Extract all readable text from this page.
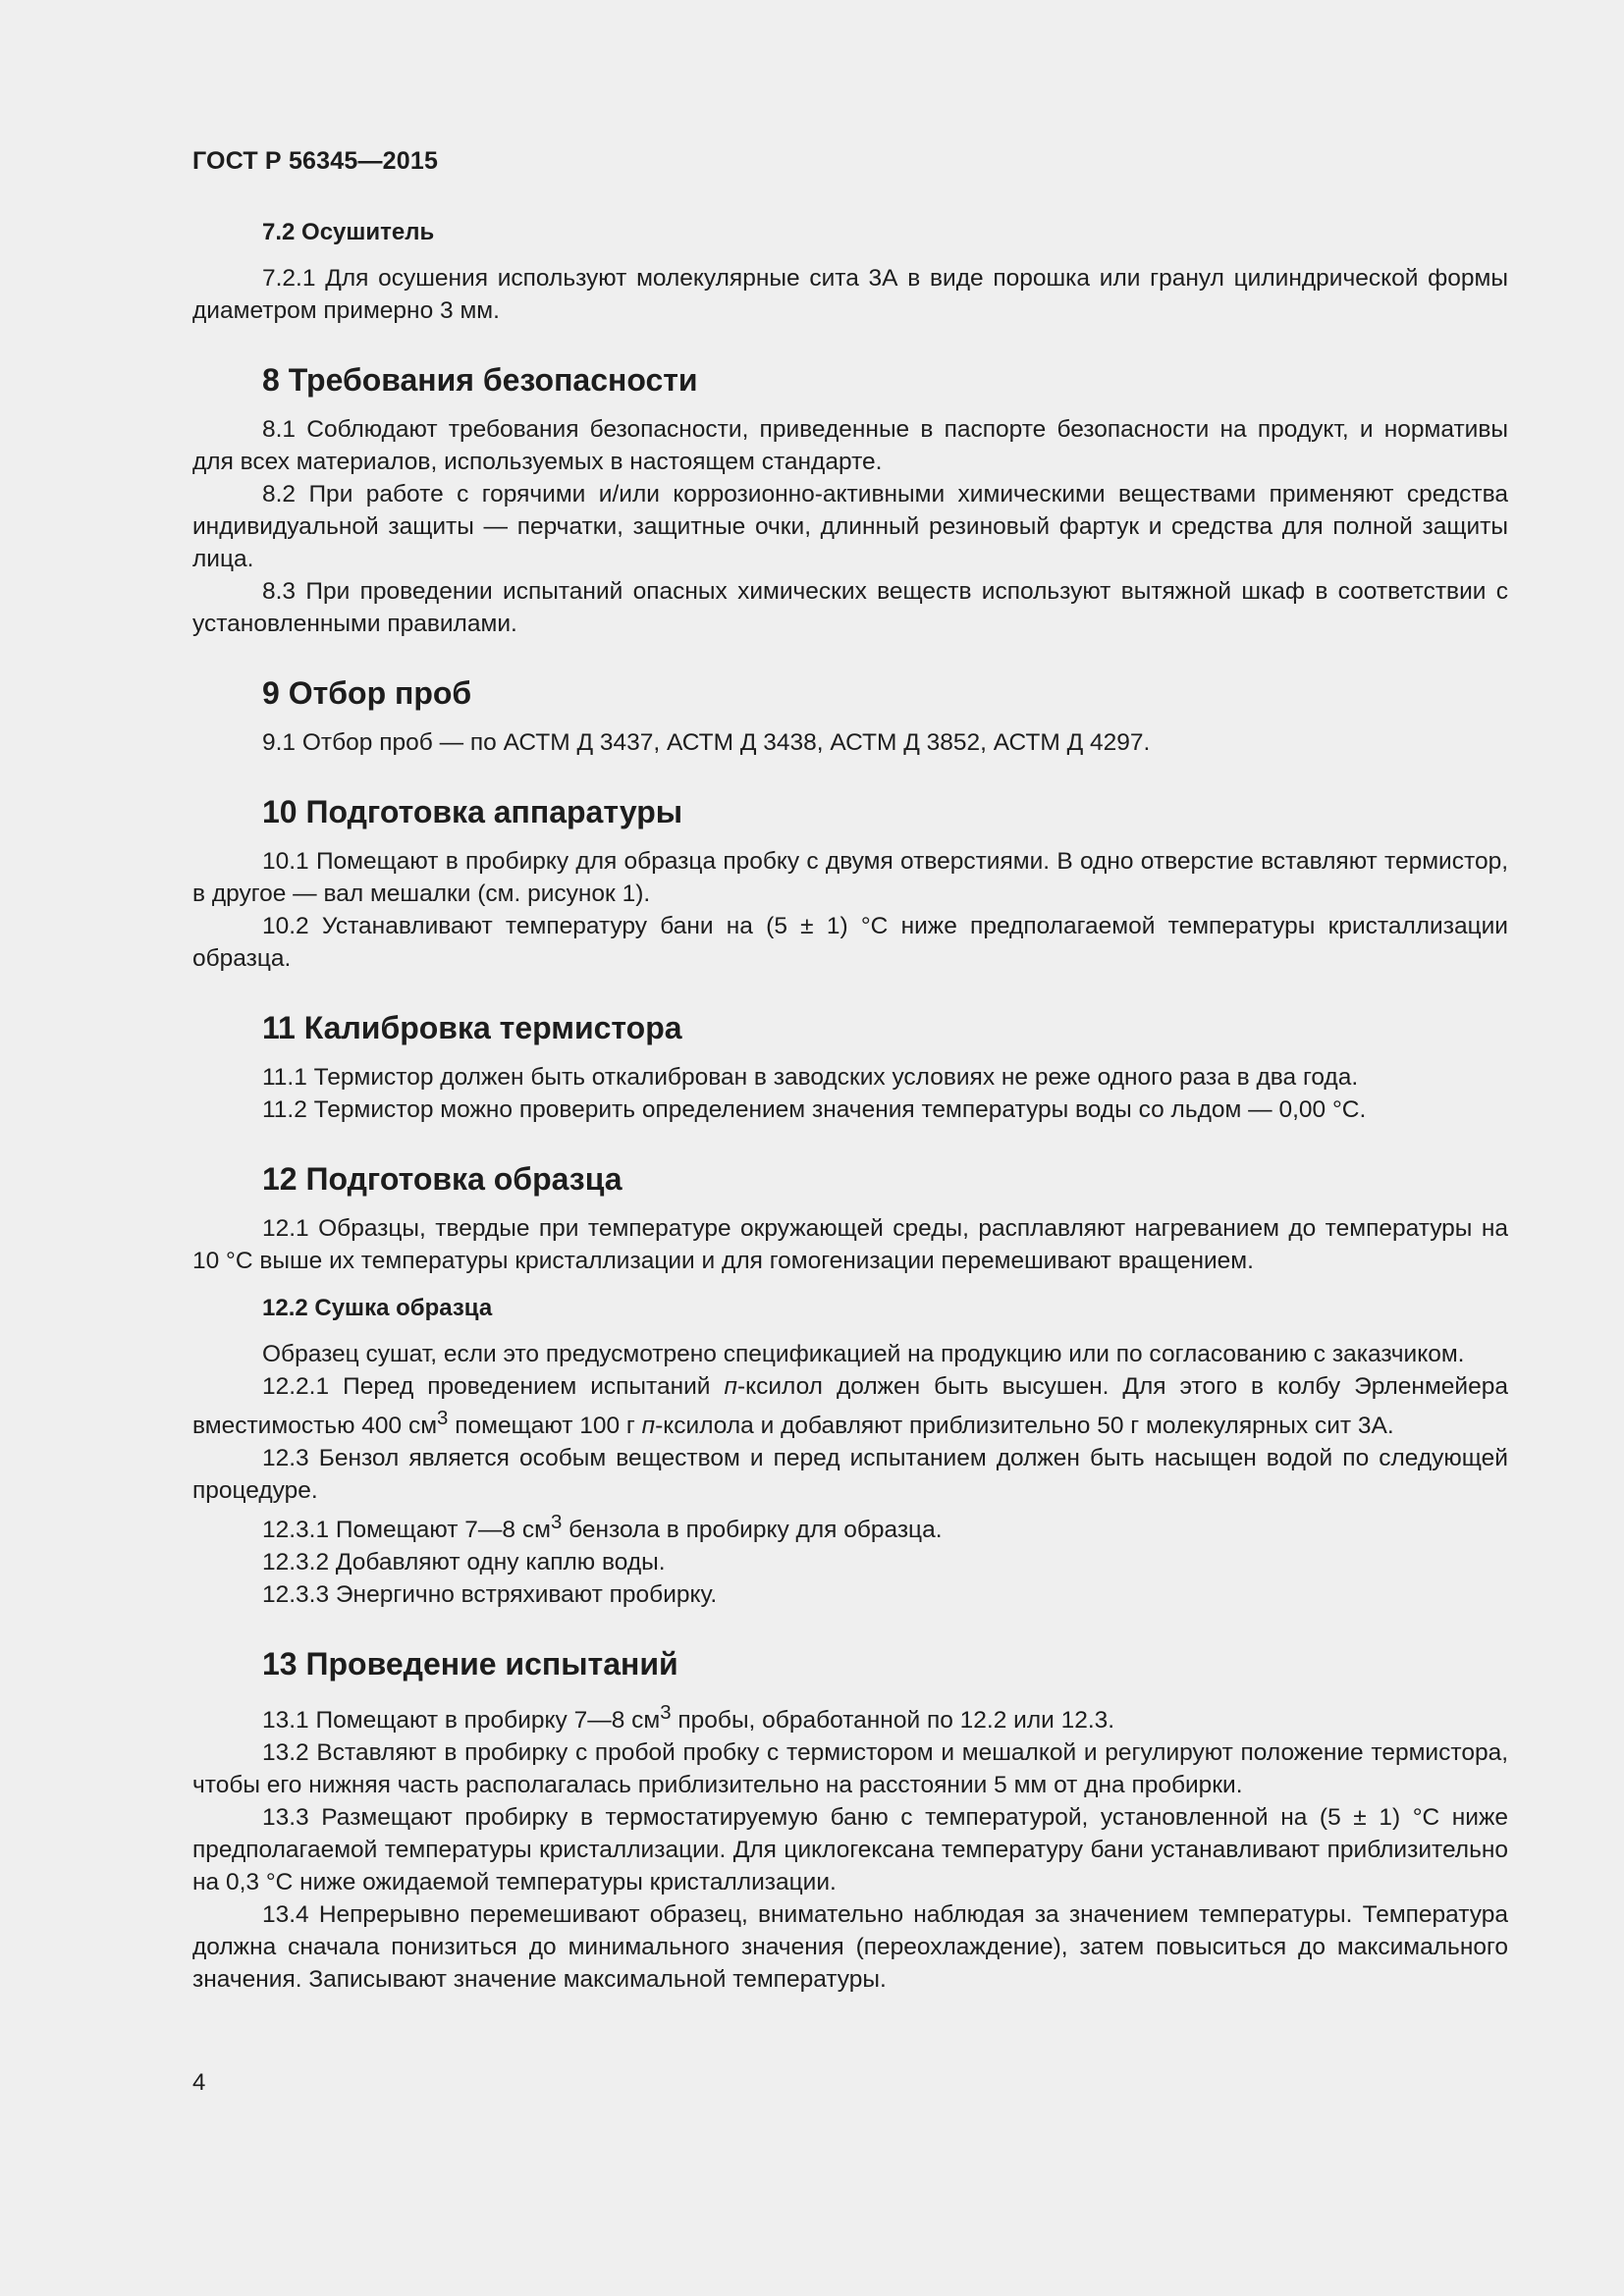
ГОСТ Р 56345—2015
7.2 Осушитель

7.2.1 Для осушения используют молекулярные сита 3А в виде порошка или гранул цилиндрической формы диаметром примерно 3 мм.

8 Требования безопасности

8.1 Соблюдают требования безопасности, приведенные в паспорте безопасности на продукт, и нормативы для всех материалов, используемых в настоящем стандарте.

8.2 При работе с горячими и/или коррозионно-активными химическими веществами применяют средства индивидуальной защиты — перчатки, защитные очки, длинный резиновый фартук и средства для полной защиты лица.

8.3 При проведении испытаний опасных химических веществ используют вытяжной шкаф в соответствии с установленными правилами.

9 Отбор проб

9.1 Отбор проб — по АСТМ Д 3437, АСТМ Д 3438, АСТМ Д 3852, АСТМ Д 4297.

10 Подготовка аппаратуры

10.1 Помещают в пробирку для образца пробку с двумя отверстиями. В одно отверстие вставляют термистор, в другое — вал мешалки (см. рисунок 1).

10.2 Устанавливают температуру бани на (5 ± 1) °С ниже предполагаемой температуры кристаллизации образца.

11 Калибровка термистора

11.1 Термистор должен быть откалиброван в заводских условиях не реже одного раза в два года.

11.2 Термистор можно проверить определением значения температуры воды со льдом — 0,00 °С.

12 Подготовка образца

12.1 Образцы, твердые при температуре окружающей среды, расплавляют нагреванием до температуры на 10 °С выше их температуры кристаллизации и для гомогенизации перемешивают вращением.

12.2 Сушка образца

Образец сушат, если это предусмотрено спецификацией на продукцию или по согласованию с заказчиком.

12.2.1 Перед проведением испытаний п-ксилол должен быть высушен. Для этого в колбу Эрленмейера вместимостью 400 $см^3$ помещают 100 г п-ксилола и добавляют приблизительно 50 г молекулярных сит 3А.

12.3 Бензол является особым веществом и перед испытанием должен быть насыщен водой по следующей процедуре.

12.3.1 Помещают 7—8 $см^3$ бензола в пробирку для образца.

12.3.2 Добавляют одну каплю воды.

12.3.3 Энергично встряхивают пробирку.

13 Проведение испытаний

13.1 Помещают в пробирку 7—8 $см^3$ пробы, обработанной по 12.2 или 12.3.

13.2 Вставляют в пробирку с пробой пробку с термистором и мешалкой и регулируют положение термистора, чтобы его нижняя часть располагалась приблизительно на расстоянии 5 мм от дна пробирки.

13.3 Размещают пробирку в термостатируемую баню с температурой, установленной на (5 ± 1) °С ниже предполагаемой температуры кристаллизации. Для циклогексана температуру бани устанавливают приблизительно на 0,3 °С ниже ожидаемой температуры кристаллизации.

13.4 Непрерывно перемешивают образец, внимательно наблюдая за значением температуры. Температура должна сначала понизиться до минимального значения (переохлаждение), затем повыситься до максимального значения. Записывают значение максимальной температуры.

4
